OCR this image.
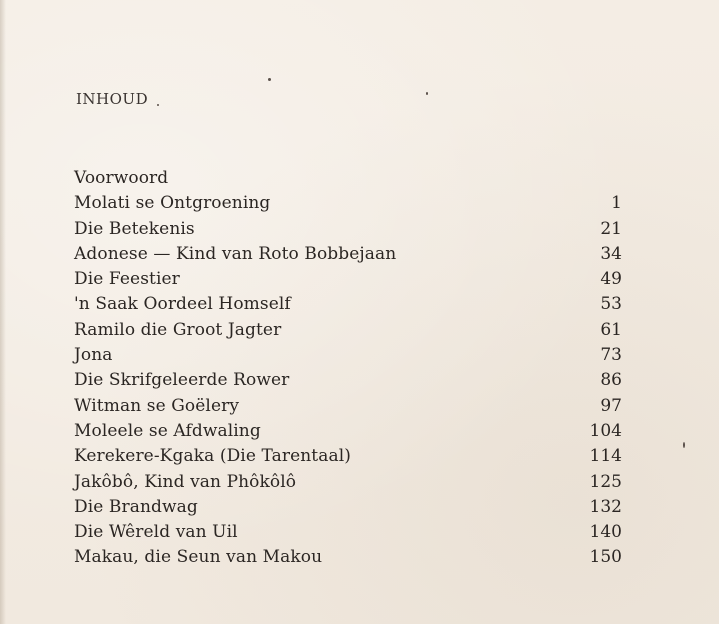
INHOUD
Voorwoord
Molati se Ontgroening	1
Die Betekenis	21
Adonese — Kind van Roto Bobbejaan	34
Die Feestier	49
'n Saak Oordeel Homself	53
Ramilo die Groot Jagter	61
Jona	73
Die Skrifgeleerde Rower	86
Witman se Goëlery	97
Moleele se Afdwaling	104
Kerekere-Kgaka (Die Tarentaal)	114
Jakôbô, Kind van Phôkôlô	125
Die Brandwag	132
Die Wêreld van Uil	140
Makau, die Seun van Makou	150
